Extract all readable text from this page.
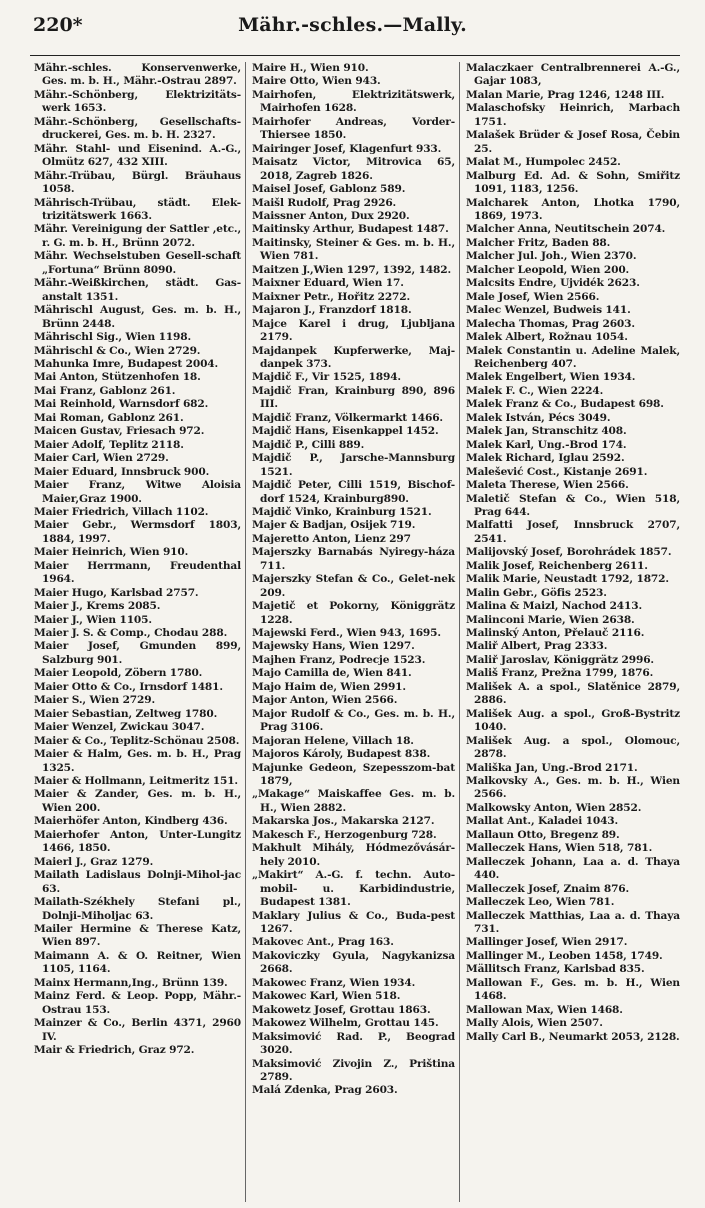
220*	Mähr.-schles.—Mally.
Mähr.-schles. Konservenwerke, Ges. m. b. H., Mähr.-Ostrau 2897.
Mähr.-Schönberg, Elektrizitäts-werk 1653.
Mähr.-Schönberg, Gesellschafts-druckerei, Ges. m. b. H. 2327.
Mähr. Stahl- und Eisenind. A.-G., Olmütz 627, 432 XIII.
Mähr.-Trübau, Bürgl. Bräuhaus 1058.
Mährisch-Trübau, städt. Elek-trizitätswerk 1663.
Mähr. Vereinigung der Sattler ,etc., r. G. m. b. H., Brünn 2072.
Mähr. Wechselstuben Gesell-schaft „Fortuna“ Brünn 8090.
Mähr.-Weißkirchen, städt. Gas-anstalt 1351.
Mährischl August, Ges. m. b. H., Brünn 2448.
Mährischl Sig., Wien 1198.
Mährischl & Co., Wien 2729.
Mahunka Imre, Budapest 2004.
Mai Anton, Stützenhofen 18.
Mai Franz, Gablonz 261.
Mai Reinhold, Warnsdorf 682.
Mai Roman, Gablonz 261.
Maicen Gustav, Friesach 972.
Maier Adolf, Teplitz 2118.
Maier Carl, Wien 2729.
Maier Eduard, Innsbruck 900.
Maier Franz, Witwe Aloisia Maier,Graz 1900.
Maier Friedrich, Villach 1102.
Maier Gebr., Wermsdorf 1803, 1884, 1997.
Maier Heinrich, Wien 910.
Maier Herrmann, Freudenthal 1964.
Maier Hugo, Karlsbad 2757.
Maier J., Krems 2085.
Maier J., Wien 1105.
Maier J. S. & Comp., Chodau 288.
Maier Josef, Gmunden 899, Salzburg 901.
Maier Leopold, Zöbern 1780.
Maier Otto & Co., Irnsdorf 1481.
Maier S., Wien 2729.
Maier Sebastian, Zeltweg 1780.
Maier Wenzel, Zwickau 3047.
Maier & Co., Teplitz-Schönau 2508.
Maier & Halm, Ges. m. b. H., Prag 1325.
Maier & Hollmann, Leitmeritz 151.
Maier & Zander, Ges. m. b. H., Wien 200.
Maierhöfer Anton, Kindberg 436.
Maierhofer Anton, Unter-Lungitz 1466, 1850.
Maierl J., Graz 1279.
Mailath Ladislaus Dolnji-Mihol-jac 63.
Mailath-Székhely Stefani pl., Dolnji-Miholjac 63.
Mailer Hermine & Therese Katz, Wien 897.
Maimann A. & O. Reitner, Wien 1105, 1164.
Mainx Hermann,Ing., Brünn 139.
Mainz Ferd. & Leop. Popp, Mähr.-Ostrau 153.
Mainzer & Co., Berlin 4371, 2960 IV.
Mair & Friedrich, Graz 972.
Maire H., Wien 910.
Maire Otto, Wien 943.
Mairhofen, Elektrizitätswerk, Mairhofen 1628.
Mairhofer Andreas, Vorder-Thiersee 1850.
Mairinger Josef, Klagenfurt 933.
Maisatz Victor, Mitrovica 65, 2018, Zagreb 1826.
Maisel Josef, Gablonz 589.
Maišl Rudolf, Prag 2926.
Maissner Anton, Dux 2920.
Maitinsky Arthur, Budapest 1487.
Maitinsky, Steiner & Ges. m. b. H., Wien 781.
Maitzen J.,Wien 1297, 1392, 1482.
Maixner Eduard, Wien 17.
Maixner Petr., Hořitz 2272.
Majaron J., Franzdorf 1818.
Majce Karel i drug, Ljubljana 2179.
Majdanpek Kupferwerke, Maj-danpek 373.
Majdič F., Vir 1525, 1894.
Majdič Fran, Krainburg 890, 896 III.
Majdič Franz, Völkermarkt 1466.
Majdič Hans, Eisenkappel 1452.
Majdič P., Cilli 889.
Majdič P., Jarsche-Mannsburg 1521.
Majdič Peter, Cilli 1519, Bischof-dorf 1524, Krainburg890.
Majdič Vinko, Krainburg 1521.
Majer & Badjan, Osijek 719.
Majeretto Anton, Lienz 297
Majerszky Barnabás Nyiregy-háza 711.
Majerszky Stefan & Co., Gelet-nek 209.
Majetič et Pokorny, Königgrätz 1228.
Majewski Ferd., Wien 943, 1695.
Majewsky Hans, Wien 1297.
Majhen Franz, Podrecje 1523.
Majo Camilla de, Wien 841.
Majo Haim de, Wien 2991.
Major Anton, Wien 2566.
Major Rudolf & Co., Ges. m. b. H., Prag 3106.
Majoran Helene, Villach 18.
Majoros Károly, Budapest 838.
Majunke Gedeon, Szepesszom-bat 1879,
„Makage“ Maiskaffee Ges. m. b. H., Wien 2882.
Makarska Jos., Makarska 2127.
Makesch F., Herzogenburg 728.
Makhult Mihály, Hódmezővásár-hely 2010.
„Makirt“ A.-G. f. techn. Auto-mobil- u. Karbidindustrie, Budapest 1381.
Maklary Julius & Co., Buda-pest 1267.
Makovec Ant., Prag 163.
Makoviczky Gyula, Nagykanizsa 2668.
Makowec Franz, Wien 1934.
Makowec Karl, Wien 518.
Makowetz Josef, Grottau 1863.
Makowez Wilhelm, Grottau 145.
Maksimović Rad. P., Beograd 3020.
Maksimović Zivojin Z., Priština 2789.
Malá Zdenka, Prag 2603.
Malaczkaer Centralbrennerei A.-G., Gajar 1083,
Malan Marie, Prag 1246, 1248 III.
Malaschofsky Heinrich, Marbach 1751.
Malašek Brüder & Josef Rosa, Čebin 25.
Malat M., Humpolec 2452.
Malburg Ed. Ad. & Sohn, Smiřitz 1091, 1183, 1256.
Malcharek Anton, Lhotka 1790, 1869, 1973.
Malcher Anna, Neutitschein 2074.
Malcher Fritz, Baden 88.
Malcher Jul. Joh., Wien 2370.
Malcher Leopold, Wien 200.
Malcsits Endre, Ujvidék 2623.
Male Josef, Wien 2566.
Malec Wenzel, Budweis 141.
Malecha Thomas, Prag 2603.
Malek Albert, Rožnau 1054.
Malek Constantin u. Adeline Malek, Reichenberg 407.
Malek Engelbert, Wien 1934.
Malek F. C., Wien 2224.
Malek Franz & Co., Budapest 698.
Malek István, Pécs 3049.
Malek Jan, Stranschitz 408.
Malek Karl, Ung.-Brod 174.
Malek Richard, Iglau 2592.
Malešević Cost., Kistanje 2691.
Maleta Therese, Wien 2566.
Maletič Stefan & Co., Wien 518, Prag 644.
Malfatti Josef, Innsbruck 2707, 2541.
Malijovský Josef, Borohrádek 1857.
Malik Josef, Reichenberg 2611.
Malik Marie, Neustadt 1792, 1872.
Malin Gebr., Göfis 2523.
Malina & Maizl, Nachod 2413.
Malinconi Marie, Wien 2638.
Malinský Anton, Přelauč 2116.
Maliř Albert, Prag 2333.
Maliř Jaroslav, Königgrätz 2996.
Mališ Franz, Prežna 1799, 1876.
Mališek A. a spol., Slatěnice 2879, 2886.
Mališek Aug. a spol., Groß-Bystritz 1040.
Mališek Aug. a spol., Olomouc, 2878.
Mališka Jan, Ung.-Brod 2171.
Malkovsky A., Ges. m. b. H., Wien 2566.
Malkowsky Anton, Wien 2852.
Mallat Ant., Kaladei 1043.
Mallaun Otto, Bregenz 89.
Malleczek Hans, Wien 518, 781.
Malleczek Johann, Laa a. d. Thaya 440.
Malleczek Josef, Znaim 876.
Malleczek Leo, Wien 781.
Malleczek Matthias, Laa a. d. Thaya 731.
Mallinger Josef, Wien 2917.
Mallinger M., Leoben 1458, 1749.
Mällitsch Franz, Karlsbad 835.
Mallowan F., Ges. m. b. H., Wien 1468.
Mallowan Max, Wien 1468.
Mally Alois, Wien 2507.
Mally Carl B., Neumarkt 2053, 2128.
